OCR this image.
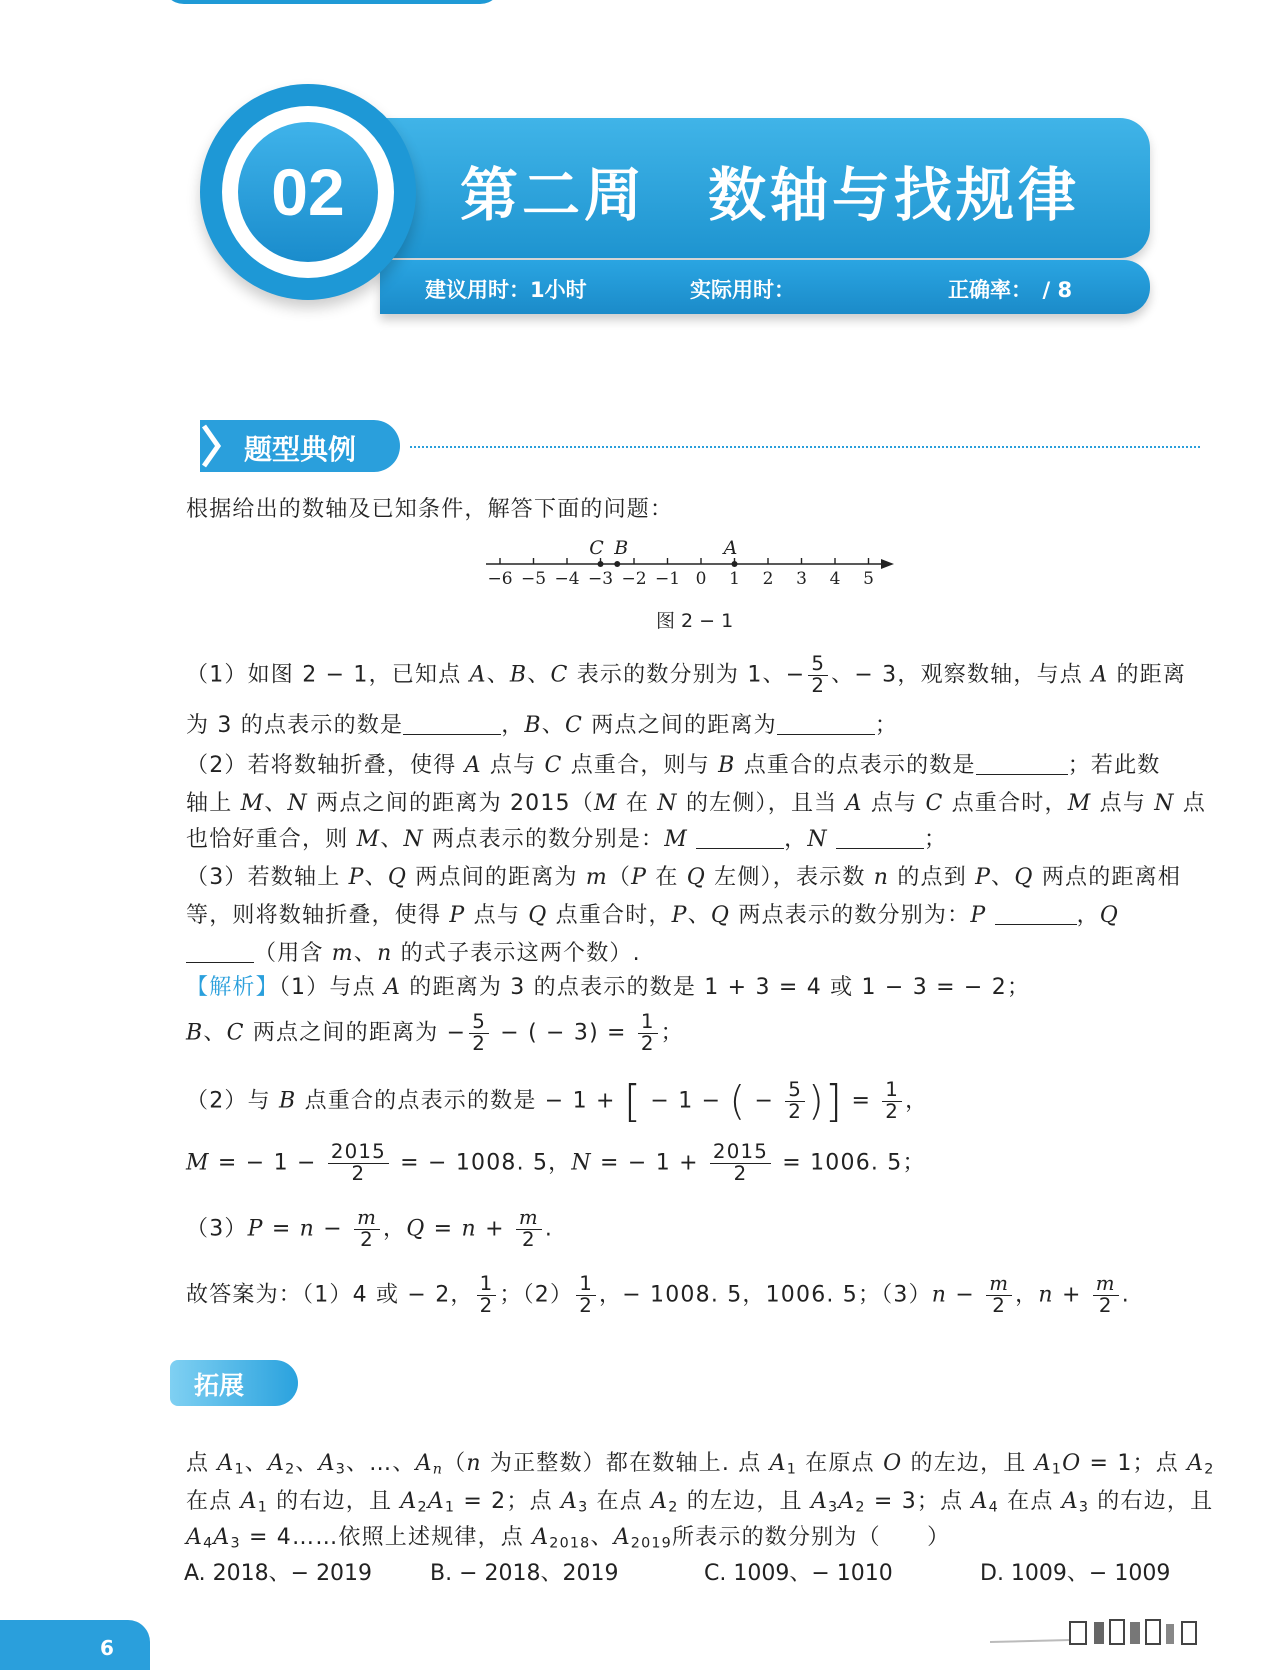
02	第二周　数轴与找规律
建议用时：1小时	实际用时：	正确率：　/ 8
题型典例
根据给出的数轴及已知条件，解答下面的问题：
−6 −5 −4 −3 −2 −1 0 1 2 3 4 5
C B	A
图 2 − 1
（1）如图 2 − 1，已知点 A、B、C 表示的数分别为 1、− $\frac{5}{2}$ 、− 3，观察数轴，与点 A 的距离
为 3 的点表示的数是	，B、C 两点之间的距离为	；
（2）若将数轴折叠，使得 A 点与 C 点重合，则与 B 点重合的点表示的数是	；若此数
轴上 M、N 两点之间的距离为 2015（M 在 N 的左侧），且当 A 点与 C 点重合时，M 点与 N 点
也恰好重合，则 M、N 两点表示的数分别是：M	，N	；
（3）若数轴上 P、Q 两点间的距离为 m（P 在 Q 左侧），表示数 n 的点到 P、Q 两点的距离相
等，则将数轴折叠，使得 P 点与 Q 点重合时，P、Q 两点表示的数分别为：P	，Q
（用含 m、n 的式子表示这两个数）.
【解析】（1）与点 A 的距离为 3 的点表示的数是 1 + 3 = 4 或 1 − 3 = − 2；
B、C 两点之间的距离为 − $\frac{5}{2}$ − ( − $3) = \frac{1}{2}$ ；
（2）与 B 点重合的点表示的数是 − 1 + [ − 1 − ( − $\frac{5}{2}$ )] = $\frac{1}{2}$ ，
M = − $1 - \frac{2015}{2}$ = − 1008. 5，N = − $1 + \frac{2015}{2} = 1006$. 5；
$(3)P = n - \frac{m}{2}$ ，$Q = n + \frac{m}{2}$ .
故答案为：（1）4 或 − 2， $\frac{1}{2}$ ；$(2) \frac{1}{2}$ ，− 1008. 5，1006. 5；$(3)n - \frac{m}{2}$ ，$n + \frac{m}{2}$ .
拓展
点 $A_1$、$A_2$、$A_3$、…、$A_n(n$ 为正整数）都在数轴上. 点 $A_1$ 在原点 O 的左边，且 $A_1O = 1$；点 $A_2$
在点 $A_1$ 的右边，且 $A_2A_1 = 2$；点 $A_3$ 在点 $A_2$ 的左边，且 $A_3A_2 = 3$；点 $A_4$ 在点 $A_3$ 的右边，且
$A_4A_3$ = 4……依照上述规律，点 $A_{2018}$、$A_{2019}$所表示的数分别为（　　）
A. 2018、− 2019	B. − 2018、2019	C. 1009、− 1010	D. 1009、− 1009
6
